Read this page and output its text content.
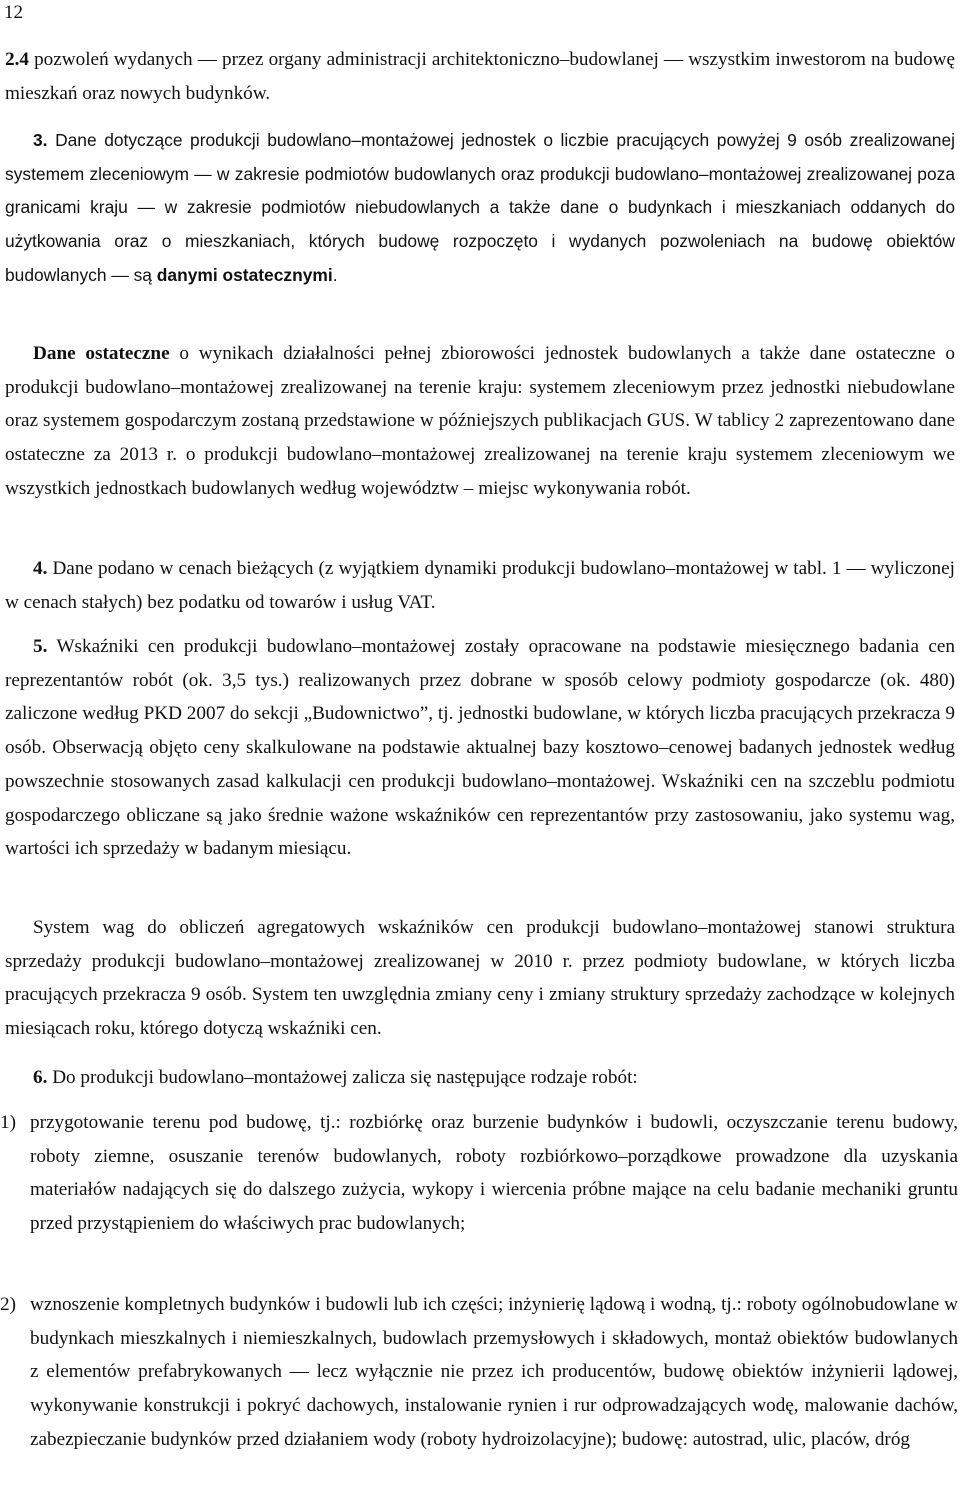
12

2.4 pozwoleń wydanych — przez organy administracji architektoniczno–budowlanej — wszystkim inwestorom na budowę mieszkań oraz nowych budynków.

3. Dane dotyczące produkcji budowlano–montażowej jednostek o liczbie pracujących powyżej 9 osób zrealizowanej systemem zleceniowym — w zakresie podmiotów budowlanych oraz produkcji budowlano–montażowej zrealizowanej poza granicami kraju — w zakresie podmiotów niebudowlanych a także dane o budynkach i mieszkaniach oddanych do użytkowania oraz o mieszkaniach, których budowę rozpoczęto i wydanych pozwoleniach na budowę obiektów budowlanych — są danymi ostatecznymi.

Dane ostateczne o wynikach działalności pełnej zbiorowości jednostek budowlanych a także dane ostateczne o produkcji budowlano–montażowej zrealizowanej na terenie kraju: systemem zleceniowym przez jednostki niebudowlane oraz systemem gospodarczym zostaną przedstawione w późniejszych publikacjach GUS. W tablicy 2 zaprezentowano dane ostateczne za 2013 r. o produkcji budowlano–montażowej zrealizowanej na terenie kraju systemem zleceniowym we wszystkich jednostkach budowlanych według województw – miejsc wykonywania robót.

4. Dane podano w cenach bieżących (z wyjątkiem dynamiki produkcji budowlano–montażowej w tabl. 1 — wyliczonej w cenach stałych) bez podatku od towarów i usług VAT.

5. Wskaźniki cen produkcji budowlano–montażowej zostały opracowane na podstawie miesięcznego badania cen reprezentantów robót (ok. 3,5 tys.) realizowanych przez dobrane w sposób celowy podmioty gospodarcze (ok. 480) zaliczone według PKD 2007 do sekcji „Budownictwo”, tj. jednostki budowlane, w których liczba pracujących przekracza 9 osób. Obserwacją objęto ceny skalkulowane na podstawie aktualnej bazy kosztowo–cenowej badanych jednostek według powszechnie stosowanych zasad kalkulacji cen produkcji budowlano–montażowej. Wskaźniki cen na szczeblu podmiotu gospodarczego obliczane są jako średnie ważone wskaźników cen reprezentantów przy zastosowaniu, jako systemu wag, wartości ich sprzedaży w badanym miesiącu.

System wag do obliczeń agregatowych wskaźników cen produkcji budowlano–montażowej stanowi struktura sprzedaży produkcji budowlano–montażowej zrealizowanej w 2010 r. przez podmioty budowlane, w których liczba pracujących przekracza 9 osób. System ten uwzględnia zmiany ceny i zmiany struktury sprzedaży zachodzące w kolejnych miesiącach roku, którego dotyczą wskaźniki cen.

6. Do produkcji budowlano–montażowej zalicza się następujące rodzaje robót:

1) przygotowanie terenu pod budowę, tj.: rozbiórkę oraz burzenie budynków i budowli, oczyszczanie terenu budowy, roboty ziemne, osuszanie terenów budowlanych, roboty rozbiórkowo–porządkowe prowadzone dla uzyskania materiałów nadających się do dalszego zużycia, wykopy i wiercenia próbne mające na celu badanie mechaniki gruntu przed przystąpieniem do właściwych prac budowlanych;
2) wznoszenie kompletnych budynków i budowli lub ich części; inżynierię lądową i wodną, tj.: roboty ogólnobudowlane w budynkach mieszkalnych i niemieszkalnych, budowlach przemysłowych i składowych, montaż obiektów budowlanych z elementów prefabrykowanych — lecz wyłącznie nie przez ich producentów, budowę obiektów inżynierii lądowej, wykonywanie konstrukcji i pokryć dachowych, instalowanie rynien i rur odprowadzających wodę, malowanie dachów, zabezpieczanie budynków przed działaniem wody (roboty hydroizolacyjne); budowę: autostrad, ulic, placów, dróg
